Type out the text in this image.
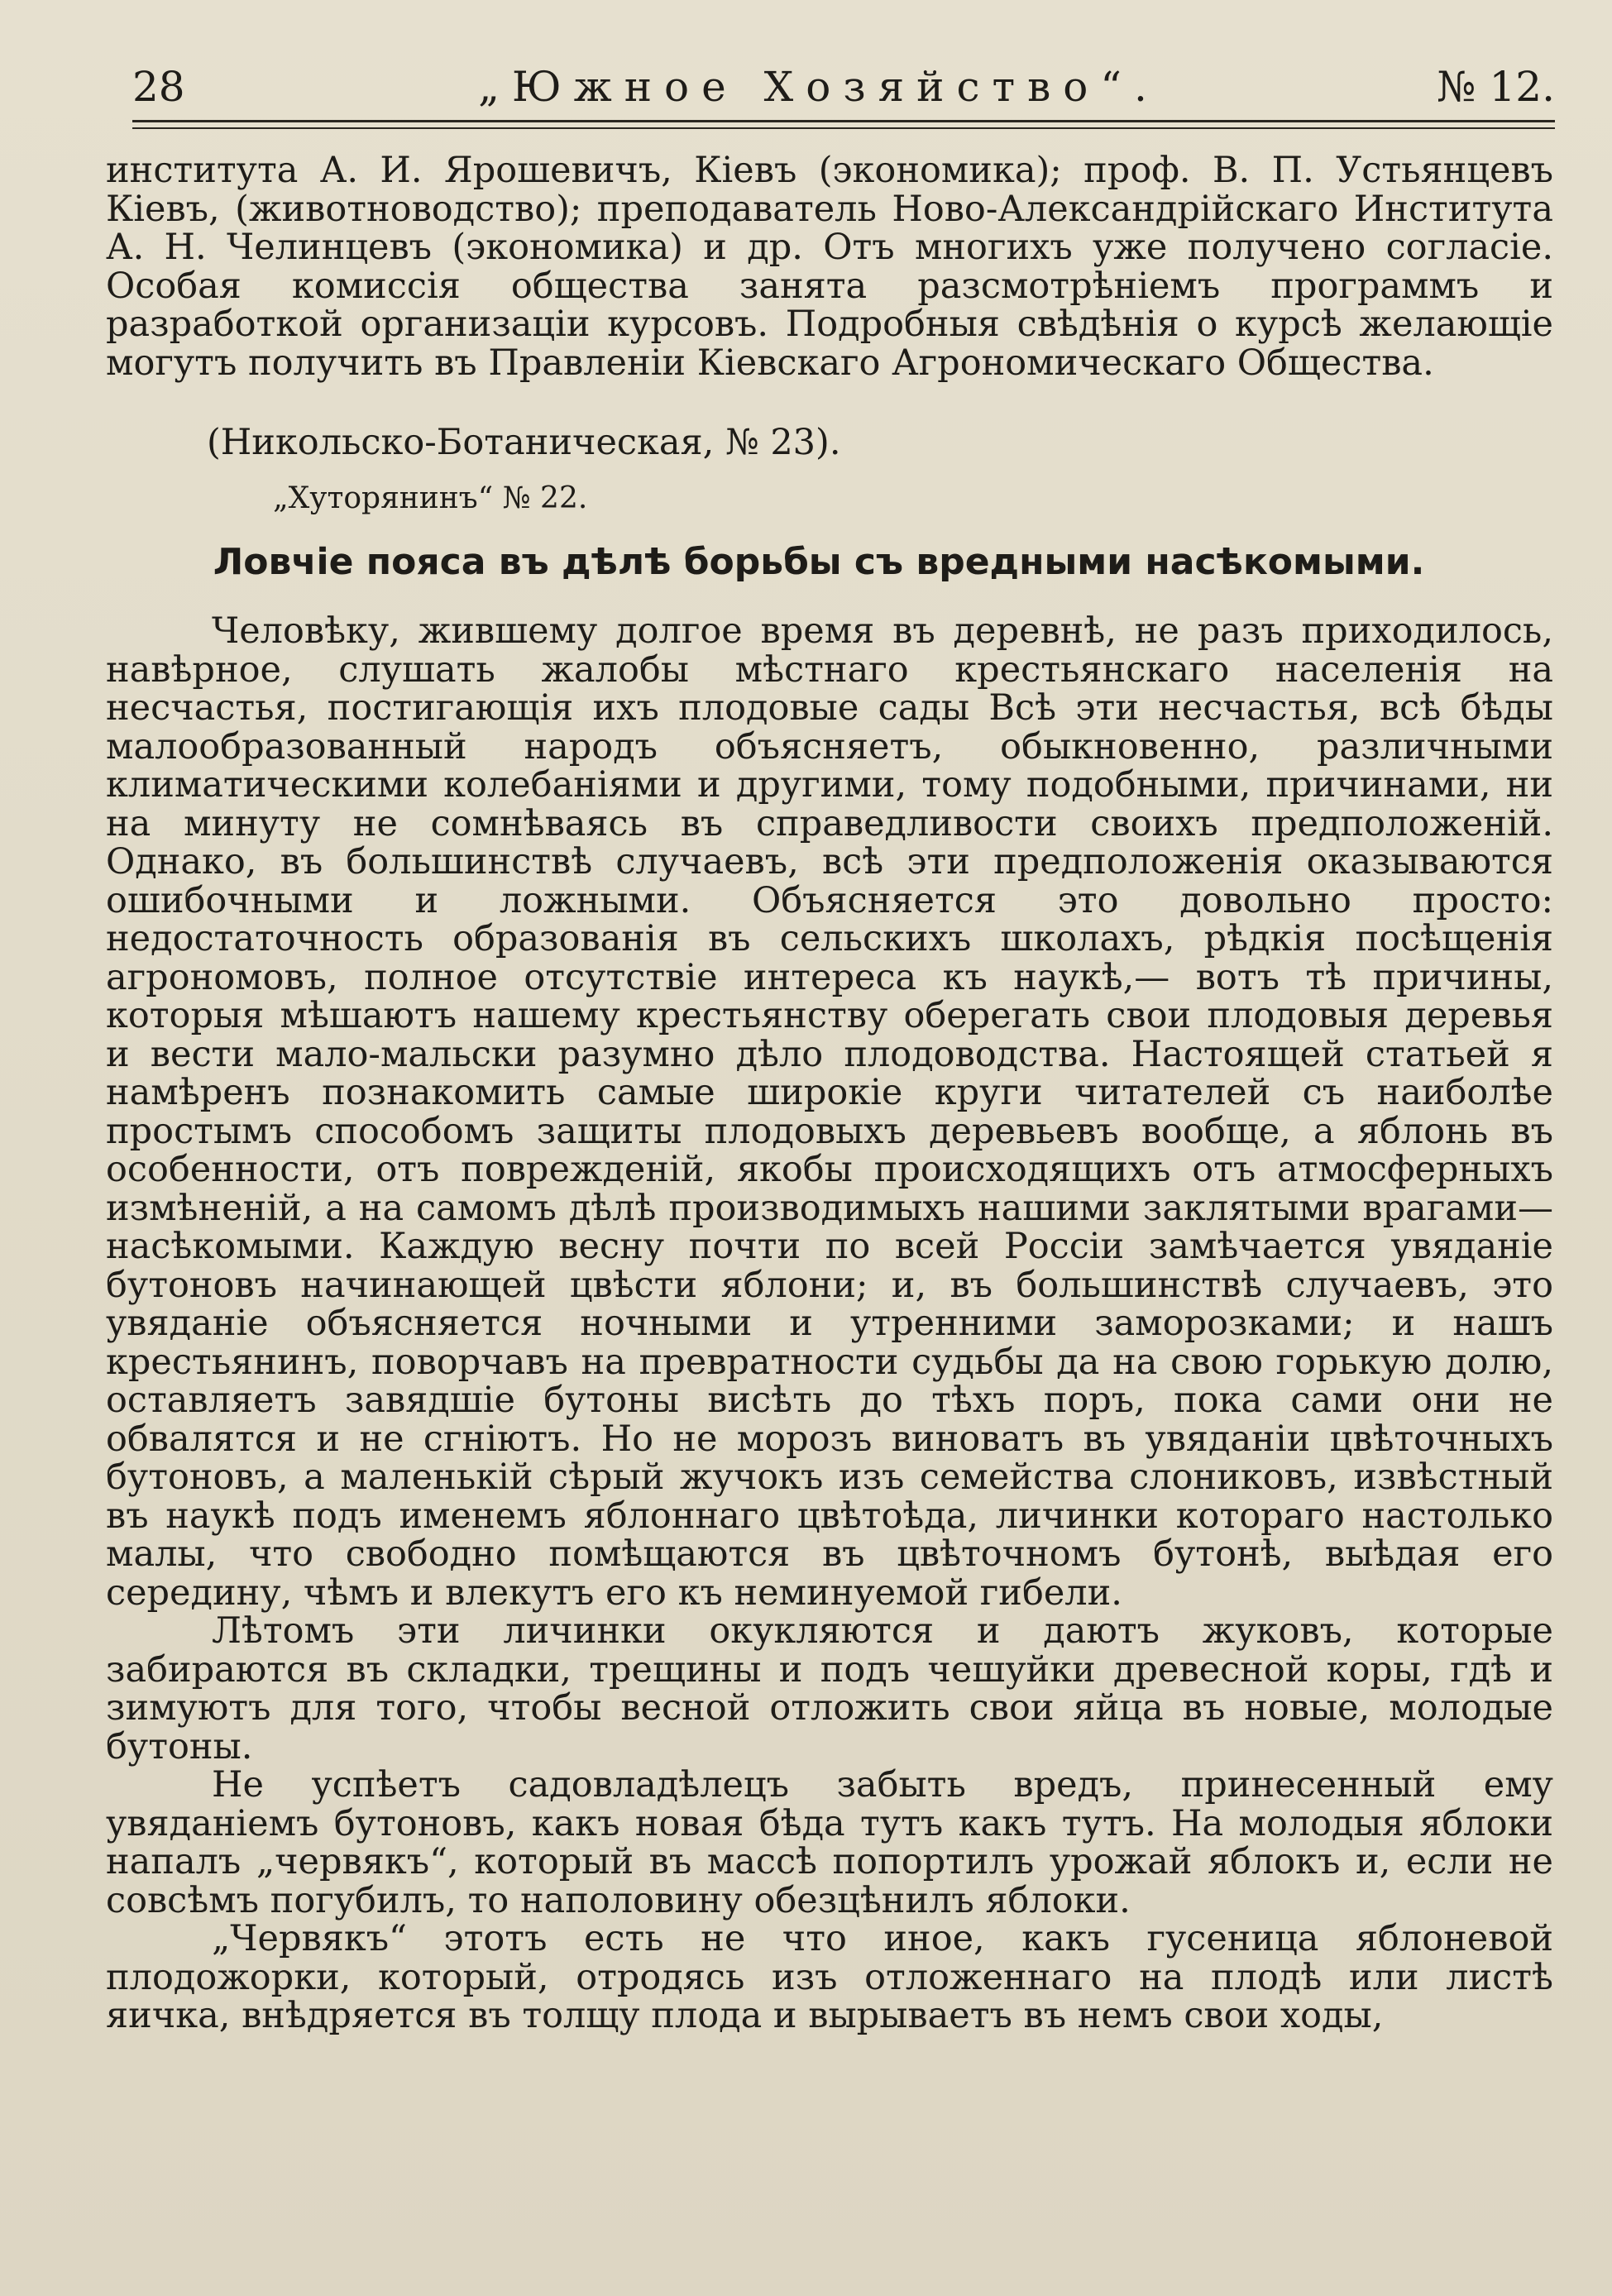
28	„Южное Хозяйство“.	№ 12.

института А. И. Ярошевичъ, Кіевъ (экономика); проф. В. П. Устьянцевъ Кіевъ, (животноводство); преподаватель Ново-Александрійскаго Института А. Н. Челинцевъ (экономика) и др. Отъ многихъ уже получено согласіе. Особая комиссія общества занята разсмотрѣніемъ программъ и разработкой организаціи курсовъ. Подробныя свѣдѣнія о курсѣ желающіе могутъ получить въ Правленіи Кіевскаго Агрономическаго Общества.

(Никольско-Ботаническая, № 23).
„Хуторянинъ“ № 22.
Ловчіе пояса въ дѣлѣ борьбы съ вредными насѣкомыми.

Человѣку, жившему долгое время въ деревнѣ, не разъ приходилось, навѣрное, слушать жалобы мѣстнаго крестьянскаго населенія на несчастья, постигающія ихъ плодовые сады Всѣ эти несчастья, всѣ бѣды малообразованный народъ объясняетъ, обыкновенно, различными климатическими колебаніями и другими, тому подобными, причинами, ни на минуту не сомнѣваясь въ справедливости своихъ предположеній. Однако, въ большинствѣ случаевъ, всѣ эти предположенія оказываются ошибочными и ложными. Объясняется это довольно просто: недостаточность образованія въ сельскихъ школахъ, рѣдкія посѣщенія агрономовъ, полное отсутствіе интереса къ наукѣ,— вотъ тѣ причины, которыя мѣшаютъ нашему крестьянству оберегать свои плодовыя деревья и вести мало-мальски разумно дѣло плодоводства. Настоящей статьей я намѣренъ познакомить самые широкіе круги читателей съ наиболѣе простымъ способомъ защиты плодовыхъ деревьевъ вообще, а яблонь въ особенности, отъ поврежденій, якобы происходящихъ отъ атмосферныхъ измѣненій, а на самомъ дѣлѣ производимыхъ нашими заклятыми врагами—насѣкомыми. Каждую весну почти по всей Россіи замѣчается увяданіе бутоновъ начинающей цвѣсти яблони; и, въ большинствѣ случаевъ, это увяданіе объясняется ночными и утренними заморозками; и нашъ крестьянинъ, поворчавъ на превратности судьбы да на свою горькую долю, оставляетъ завядшіе бутоны висѣть до тѣхъ поръ, пока сами они не обвалятся и не сгніютъ. Но не морозъ виноватъ въ увяданіи цвѣточныхъ бутоновъ, а маленькій сѣрый жучокъ изъ семейства слониковъ, извѣстный въ наукѣ подъ именемъ яблоннаго цвѣтоѣда, личинки котораго настолько малы, что свободно помѣщаются въ цвѣточномъ бутонѣ, выѣдая его середину, чѣмъ и влекутъ его къ неминуемой гибели.

Лѣтомъ эти личинки окукляются и даютъ жуковъ, которые забираются въ складки, трещины и подъ чешуйки древесной коры, гдѣ и зимуютъ для того, чтобы весной отложить свои яйца въ новые, молодые бутоны.

Не успѣетъ садовладѣлецъ забыть вредъ, принесенный ему увяданіемъ бутоновъ, какъ новая бѣда тутъ какъ тутъ. На молодыя яблоки напалъ „червякъ“, который въ массѣ попортилъ урожай яблокъ и, если не совсѣмъ погубилъ, то наполовину обезцѣнилъ яблоки.

„Червякъ“ этотъ есть не что иное, какъ гусеница яблоневой плодожорки, который, отродясь изъ отложеннаго на плодѣ или листѣ яичка, внѣдряется въ толщу плода и вырываетъ въ немъ свои ходы,
